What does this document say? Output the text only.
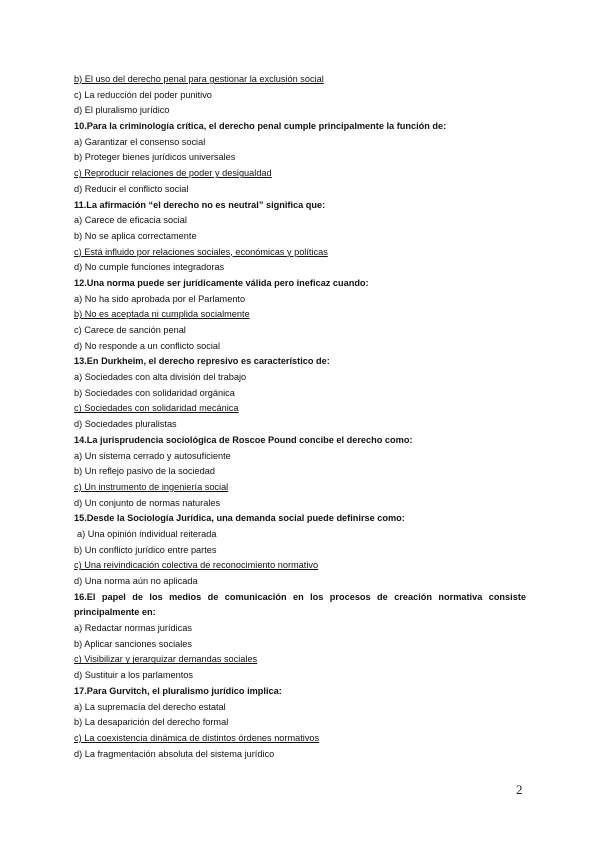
b) El uso del derecho penal para gestionar la exclusión social
c) La reducción del poder punitivo
d) El pluralismo jurídico
10.Para la criminología crítica, el derecho penal cumple principalmente la función de:
a) Garantizar el consenso social
b) Proteger bienes jurídicos universales
c) Reproducir relaciones de poder y desigualdad
d) Reducir el conflicto social
11.La afirmación “el derecho no es neutral” significa que:
a) Carece de eficacia social
b) No se aplica correctamente
c) Está influido por relaciones sociales, económicas y políticas
d) No cumple funciones integradoras
12.Una norma puede ser jurídicamente válida pero ineficaz cuando:
a) No ha sido aprobada por el Parlamento
b) No es aceptada ni cumplida socialmente
c) Carece de sanción penal
d) No responde a un conflicto social
13.En Durkheim, el derecho represivo es característico de:
a) Sociedades con alta división del trabajo
b) Sociedades con solidaridad orgánica
c) Sociedades con solidaridad mecánica
d) Sociedades pluralistas
14.La jurisprudencia sociológica de Roscoe Pound concibe el derecho como:
a) Un sistema cerrado y autosuficiente
b) Un reflejo pasivo de la sociedad
c) Un instrumento de ingeniería social
d) Un conjunto de normas naturales
15.Desde la Sociología Jurídica, una demanda social puede definirse como:
a) Una opinión individual reiterada
b) Un conflicto jurídico entre partes
c) Una reivindicación colectiva de reconocimiento normativo
d) Una norma aún no aplicada
16.El papel de los medios de comunicación en los procesos de creación normativa consiste principalmente en:
a) Redactar normas jurídicas
b) Aplicar sanciones sociales
c) Visibilizar y jerarquizar demandas sociales
d) Sustituir a los parlamentos
17.Para Gurvitch, el pluralismo jurídico implica:
a) La supremacía del derecho estatal
b) La desaparición del derecho formal
c) La coexistencia dinámica de distintos órdenes normativos
d) La fragmentación absoluta del sistema jurídico
2
